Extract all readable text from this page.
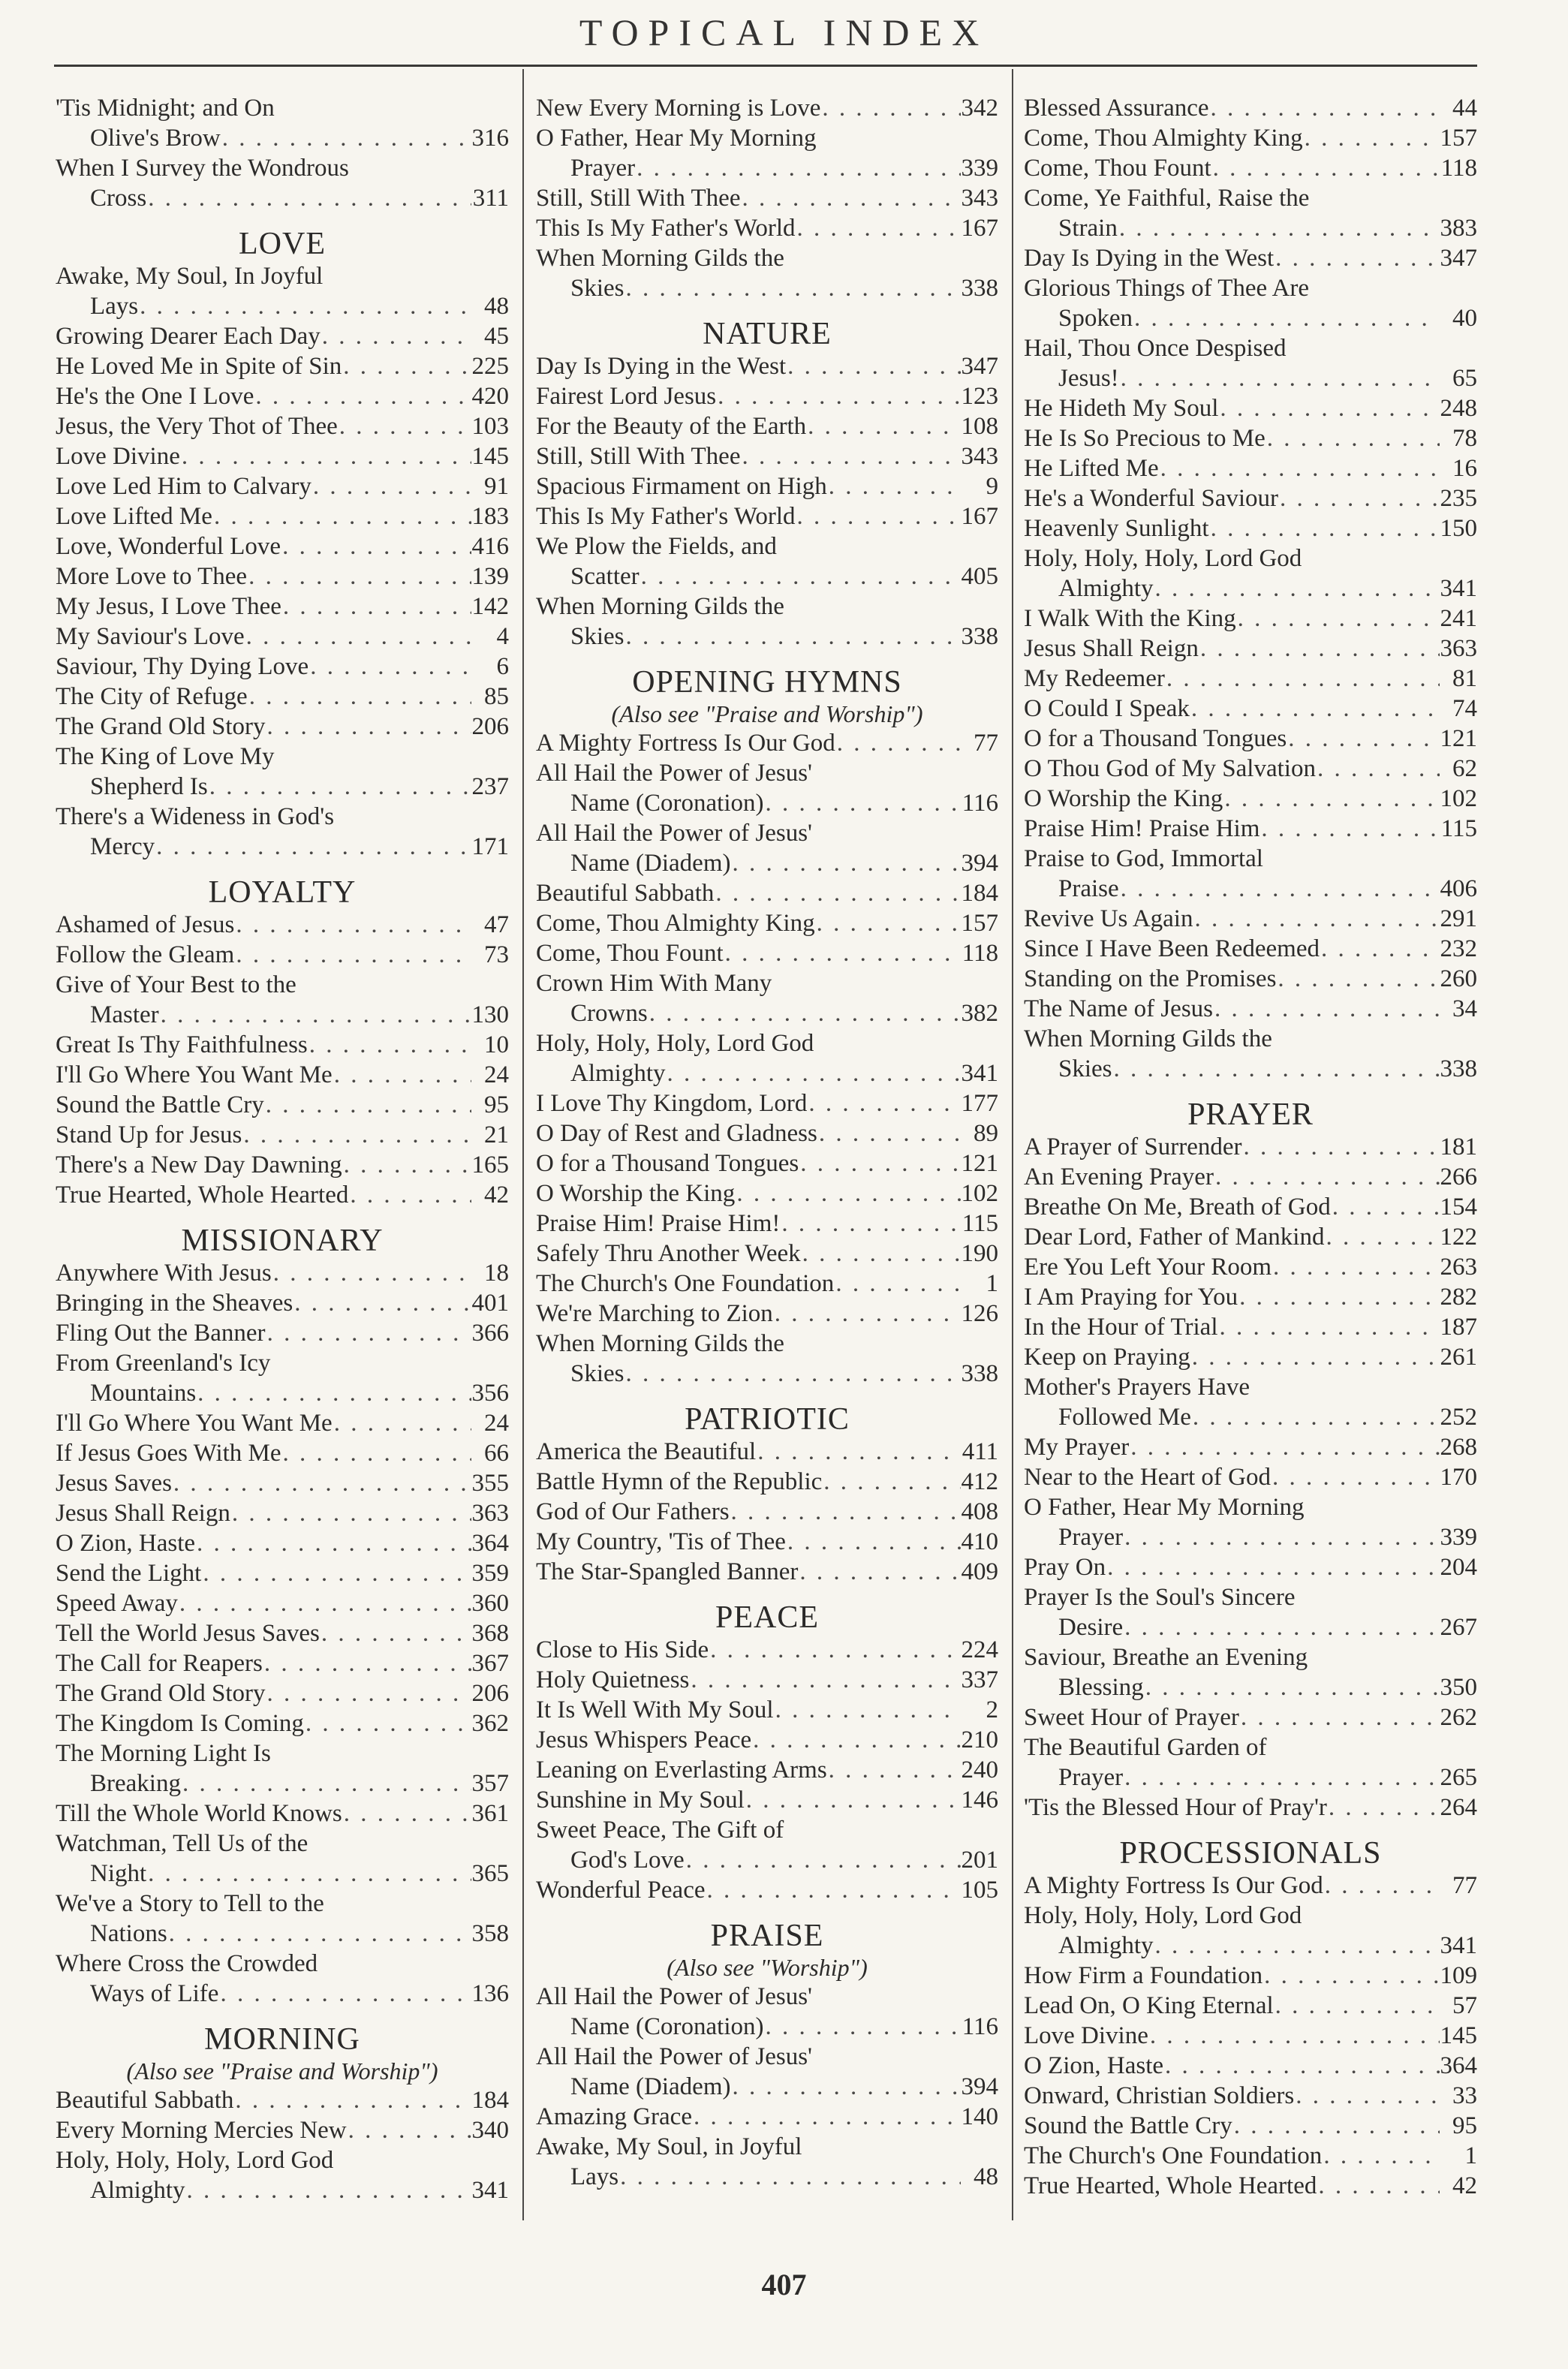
TOPICAL INDEX
'Tis Midnight; and On
Olive's Brow . . .	316
When I Survey the Wondrous
Cross . . .	311
LOVE
Awake, My Soul, In Joyful
Lays . . .	48
Growing Dearer Each Day . . .	45
He Loved Me in Spite of Sin . . .	225
He's the One I Love . . .	420
Jesus, the Very Thot of Thee . . .	103
Love Divine . . .	145
Love Led Him to Calvary . . .	91
Love Lifted Me . . .	183
Love, Wonderful Love . . .	416
More Love to Thee . . .	139
My Jesus, I Love Thee . . .	142
My Saviour's Love . . .	4
Saviour, Thy Dying Love . . .	6
The City of Refuge . . .	85
The Grand Old Story . . .	206
The King of Love My
Shepherd Is . . .	237
There's a Wideness in God's
Mercy . . .	171
LOYALTY
Ashamed of Jesus . . .	47
Follow the Gleam . . .	73
Give of Your Best to the
Master . . .	130
Great Is Thy Faithfulness . . .	10
I'll Go Where You Want Me . . .	24
Sound the Battle Cry . . .	95
Stand Up for Jesus . . .	21
There's a New Day Dawning . . .	165
True Hearted, Whole Hearted . . .	42
MISSIONARY
Anywhere With Jesus . . .	18
Bringing in the Sheaves . . .	401
Fling Out the Banner . . .	366
From Greenland's Icy
Mountains . . .	356
I'll Go Where You Want Me . . .	24
If Jesus Goes With Me . . .	66
Jesus Saves . . .	355
Jesus Shall Reign . . .	363
O Zion, Haste . . .	364
Send the Light . . .	359
Speed Away . . .	360
Tell the World Jesus Saves . . .	368
The Call for Reapers . . .	367
The Grand Old Story . . .	206
The Kingdom Is Coming . . .	362
The Morning Light Is
Breaking . . .	357
Till the Whole World Knows . . .	361
Watchman, Tell Us of the
Night . . .	365
We've a Story to Tell to the
Nations . . .	358
Where Cross the Crowded
Ways of Life . . .	136
MORNING
(Also see "Praise and Worship")
Beautiful Sabbath . . .	184
Every Morning Mercies New . . .	340
Holy, Holy, Holy, Lord God
Almighty . . .	341
New Every Morning is Love . . .	342
O Father, Hear My Morning
Prayer . . .	339
Still, Still With Thee . . .	343
This Is My Father's World . . .	167
When Morning Gilds the
Skies . . .	338
NATURE
Day Is Dying in the West . . .	347
Fairest Lord Jesus . . .	123
For the Beauty of the Earth . . .	108
Still, Still With Thee . . .	343
Spacious Firmament on High . . .	9
This Is My Father's World . . .	167
We Plow the Fields, and
Scatter . . .	405
When Morning Gilds the
Skies . . .	338
OPENING HYMNS
(Also see "Praise and Worship")
A Mighty Fortress Is Our God . . .	77
All Hail the Power of Jesus'
Name (Coronation) . . .	116
All Hail the Power of Jesus'
Name (Diadem) . . .	394
Beautiful Sabbath . . .	184
Come, Thou Almighty King . . .	157
Come, Thou Fount . . .	118
Crown Him With Many
Crowns . . .	382
Holy, Holy, Holy, Lord God
Almighty . . .	341
I Love Thy Kingdom, Lord . . .	177
O Day of Rest and Gladness . . .	89
O for a Thousand Tongues . . .	121
O Worship the King . . .	102
Praise Him! Praise Him! . . .	115
Safely Thru Another Week . . .	190
The Church's One Foundation . . .	1
We're Marching to Zion . . .	126
When Morning Gilds the
Skies . . .	338
PATRIOTIC
America the Beautiful . . .	411
Battle Hymn of the Republic . . .	412
God of Our Fathers . . .	408
My Country, 'Tis of Thee . . .	410
The Star-Spangled Banner . . .	409
PEACE
Close to His Side . . .	224
Holy Quietness . . .	337
It Is Well With My Soul . . .	2
Jesus Whispers Peace . . .	210
Leaning on Everlasting Arms . . .	240
Sunshine in My Soul . . .	146
Sweet Peace, The Gift of
God's Love . . .	201
Wonderful Peace . . .	105
PRAISE
(Also see "Worship")
All Hail the Power of Jesus'
Name (Coronation) . . .	116
All Hail the Power of Jesus'
Name (Diadem) . . .	394
Amazing Grace . . .	140
Awake, My Soul, in Joyful
Lays . . .	48
Blessed Assurance . . .	44
Come, Thou Almighty King . . .	157
Come, Thou Fount . . .	118
Come, Ye Faithful, Raise the
Strain . . .	383
Day Is Dying in the West . . .	347
Glorious Things of Thee Are
Spoken . . .	40
Hail, Thou Once Despised
Jesus! . . .	65
He Hideth My Soul . . .	248
He Is So Precious to Me . . .	78
He Lifted Me . . .	16
He's a Wonderful Saviour . . .	235
Heavenly Sunlight . . .	150
Holy, Holy, Holy, Lord God
Almighty . . .	341
I Walk With the King . . .	241
Jesus Shall Reign . . .	363
My Redeemer . . .	81
O Could I Speak . . .	74
O for a Thousand Tongues . . .	121
O Thou God of My Salvation . . .	62
O Worship the King . . .	102
Praise Him! Praise Him . . .	115
Praise to God, Immortal
Praise . . .	406
Revive Us Again . . .	291
Since I Have Been Redeemed . . .	232
Standing on the Promises . . .	260
The Name of Jesus . . .	34
When Morning Gilds the
Skies . . .	338
PRAYER
A Prayer of Surrender . . .	181
An Evening Prayer . . .	266
Breathe On Me, Breath of God . . .	154
Dear Lord, Father of Mankind . . .	122
Ere You Left Your Room . . .	263
I Am Praying for You . . .	282
In the Hour of Trial . . .	187
Keep on Praying . . .	261
Mother's Prayers Have
Followed Me . . .	252
My Prayer . . .	268
Near to the Heart of God . . .	170
O Father, Hear My Morning
Prayer . . .	339
Pray On . . .	204
Prayer Is the Soul's Sincere
Desire . . .	267
Saviour, Breathe an Evening
Blessing . . .	350
Sweet Hour of Prayer . . .	262
The Beautiful Garden of
Prayer . . .	265
'Tis the Blessed Hour of Pray'r . . .	264
PROCESSIONALS
A Mighty Fortress Is Our God . . .	77
Holy, Holy, Holy, Lord God
Almighty . . .	341
How Firm a Foundation . . .	109
Lead On, O King Eternal . . .	57
Love Divine . . .	145
O Zion, Haste . . .	364
Onward, Christian Soldiers . . .	33
Sound the Battle Cry . . .	95
The Church's One Foundation . . .	1
True Hearted, Whole Hearted . . .	42
407
